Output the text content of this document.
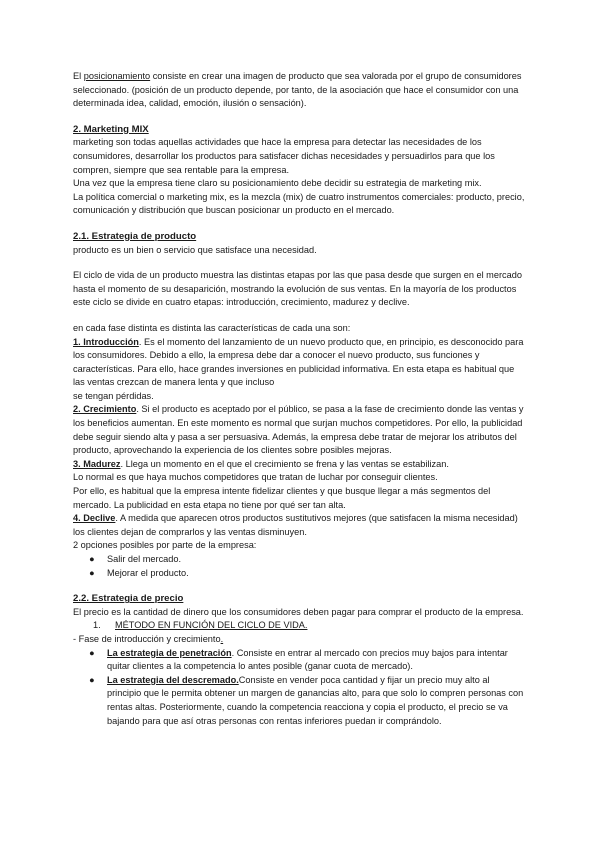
El posicionamiento consiste en crear una imagen de producto que sea valorada por el grupo de consumidores seleccionado. (posición de un producto depende, por tanto, de la asociación que hace el consumidor con una determinada idea, calidad, emoción, ilusión o sensación).

2. Marketing MIX

marketing son todas aquellas actividades que hace la empresa para detectar las necesidades de los consumidores, desarrollar los productos para satisfacer dichas necesidades y persuadirlos para que los compren, siempre que sea rentable para la empresa.

Una vez que la empresa tiene claro su posicionamiento debe decidir su estrategia de marketing mix.

La política comercial o marketing mix, es la mezcla (mix) de cuatro instrumentos comerciales: producto, precio, comunicación y distribución que buscan posicionar un producto en el mercado.

2.1. Estrategia de producto

producto es un bien o servicio que satisface una necesidad.

El ciclo de vida de un producto muestra las distintas etapas por las que pasa desde que surgen en el mercado hasta el momento de su desaparición, mostrando la evolución de sus ventas. En la mayoría de los productos este ciclo se divide en cuatro etapas: introducción, crecimiento, madurez y declive.

en cada fase distinta es distinta las características de cada una son:

1. Introducción. Es el momento del lanzamiento de un nuevo producto que, en principio, es desconocido para los consumidores. Debido a ello, la empresa debe dar a conocer el nuevo producto, sus funciones y características. Para ello, hace grandes inversiones en publicidad informativa. En esta etapa es habitual que las ventas crezcan de manera lenta y que incluso

se tengan pérdidas.

2. Crecimiento. Si el producto es aceptado por el público, se pasa a la fase de crecimiento donde las ventas y los beneficios aumentan. En este momento es normal que surjan muchos competidores. Por ello, la publicidad debe seguir siendo alta y pasa a ser persuasiva. Además, la empresa debe tratar de mejorar los atributos del producto, aprovechando la experiencia de los clientes sobre posibles mejoras.

3. Madurez. Llega un momento en el que el crecimiento se frena y las ventas se estabilizan.

Lo normal es que haya muchos competidores que tratan de luchar por conseguir clientes.

Por ello, es habitual que la empresa intente fidelizar clientes y que busque llegar a más segmentos del mercado. La publicidad en esta etapa no tiene por qué ser tan alta.

4. Declive. A medida que aparecen otros productos sustitutivos mejores (que satisfacen la misma necesidad) los clientes dejan de comprarlos y las ventas disminuyen.

2 opciones posibles por parte de la empresa:

● Salir del mercado.
● Mejorar el producto.

2.2. Estrategia de precio

El precio es la cantidad de dinero que los consumidores deben pagar para comprar el producto de la empresa.

1. MÉTODO EN FUNCIÓN DEL CICLO DE VIDA.

- Fase de introducción y crecimiento.

● La estrategia de penetración. Consiste en entrar al mercado con precios muy bajos para intentar quitar clientes a la competencia lo antes posible (ganar cuota de mercado).
● La estrategia del descremado.Consiste en vender poca cantidad y fijar un precio muy alto al principio que le permita obtener un margen de ganancias alto, para que solo lo compren personas con rentas altas. Posteriormente, cuando la competencia reacciona y copia el producto, el precio se va bajando para que así otras personas con rentas inferiores puedan ir comprándolo.
